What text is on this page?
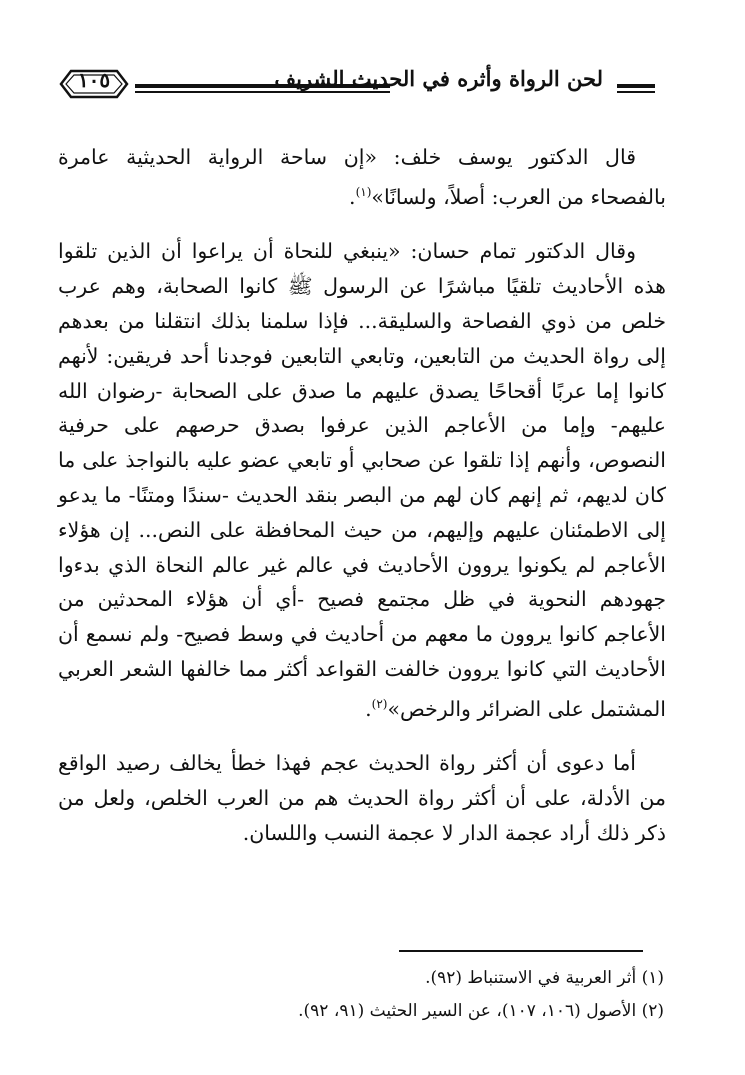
١٠٥	لحن الرواة وأثره في الحديث الشريف

قال الدكتور يوسف خلف: «إن ساحة الرواية الحديثية عامرة بالفصحاء من العرب: أصلاً، ولسانًا»$^{(١)}$.

وقال الدكتور تمام حسان: «ينبغي للنحاة أن يراعوا أن الذين تلقوا هذه الأحاديث تلقيًا مباشرًا عن الرسول ﷺ كانوا الصحابة، وهم عرب خلص من ذوي الفصاحة والسليقة... فإذا سلمنا بذلك انتقلنا من بعدهم إلى رواة الحديث من التابعين، وتابعي التابعين فوجدنا أحد فريقين: لأنهم كانوا إما عربًا أقحاحًا يصدق عليهم ما صدق على الصحابة -رضوان الله عليهم- وإما من الأعاجم الذين عرفوا بصدق حرصهم على حرفية النصوص، وأنهم إذا تلقوا عن صحابي أو تابعي عضو عليه بالنواجذ على ما كان لديهم، ثم إنهم كان لهم من البصر بنقد الحديث -سندًا ومتنًا- ما يدعو إلى الاطمئنان عليهم وإليهم، من حيث المحافظة على النص... إن هؤلاء الأعاجم لم يكونوا يروون الأحاديث في عالم غير عالم النحاة الذي بدءوا جهودهم النحوية في ظل مجتمع فصيح -أي أن هؤلاء المحدثين من الأعاجم كانوا يروون ما معهم من أحاديث في وسط فصيح- ولم نسمع أن الأحاديث التي كانوا يروون خالفت القواعد أكثر مما خالفها الشعر العربي المشتمل على الضرائر والرخص»$^{(٢)}$.

أما دعوى أن أكثر رواة الحديث عجم فهذا خطأ يخالف رصيد الواقع من الأدلة، على أن أكثر رواة الحديث هم من العرب الخلص، ولعل من ذكر ذلك أراد عجمة الدار لا عجمة النسب واللسان.

(١) أثر العربية في الاستنباط (٩٢).
(٢) الأصول (١٠٦، ١٠٧)، عن السير الحثيث (٩١، ٩٢).
